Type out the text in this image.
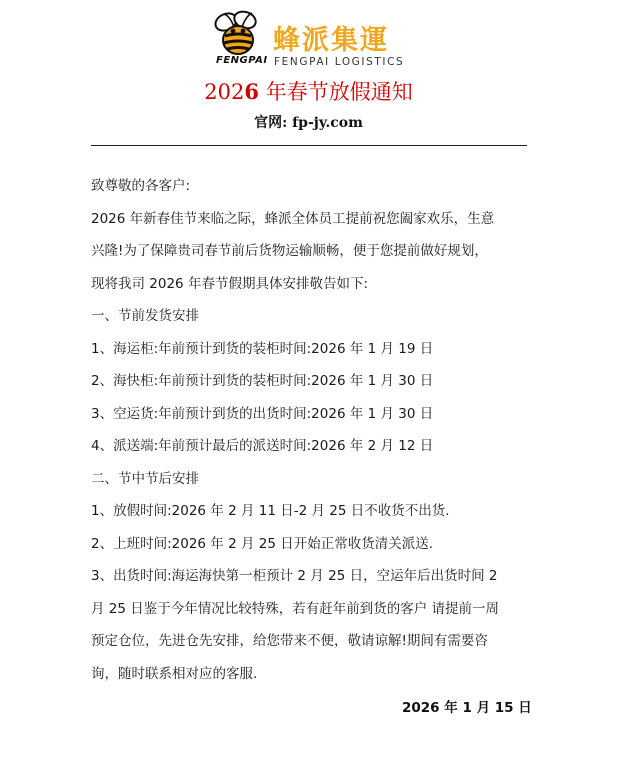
FENGPAI
蜂派集運
FENGPAI LOGISTICS
2026 年春节放假通知
官网: fp-jy.com
致尊敬的各客户:
2026 年新春佳节来临之际，蜂派全体员工提前祝您阖家欢乐，生意
兴隆!为了保障贵司春节前后货物运输顺畅，便于您提前做好规划，
现将我司 2026 年春节假期具体安排敬告如下:
一、节前发货安排
1、海运柜:年前预计到货的装柜时间:2026 年 1 月 19 日
2、海快柜:年前预计到货的装柜时间:2026 年 1 月 30 日
3、空运货:年前预计到货的出货时间:2026 年 1 月 30 日
4、派送端:年前预计最后的派送时间:2026 年 2 月 12 日
二、节中节后安排
1、放假时间:2026 年 2 月 11 日-2 月 25 日不收货不出货.
2、上班时间:2026 年 2 月 25 日开始正常收货清关派送.
3、出货时间:海运海快第一柜预计 2 月 25 日，空运年后出货时间 2
月 25 日鉴于今年情况比较特殊，若有赶年前到货的客户 请提前一周
预定仓位，先进仓先安排，给您带来不便，敬请谅解!期间有需要咨
询，随时联系相对应的客服.
2026 年 1 月 15 日
